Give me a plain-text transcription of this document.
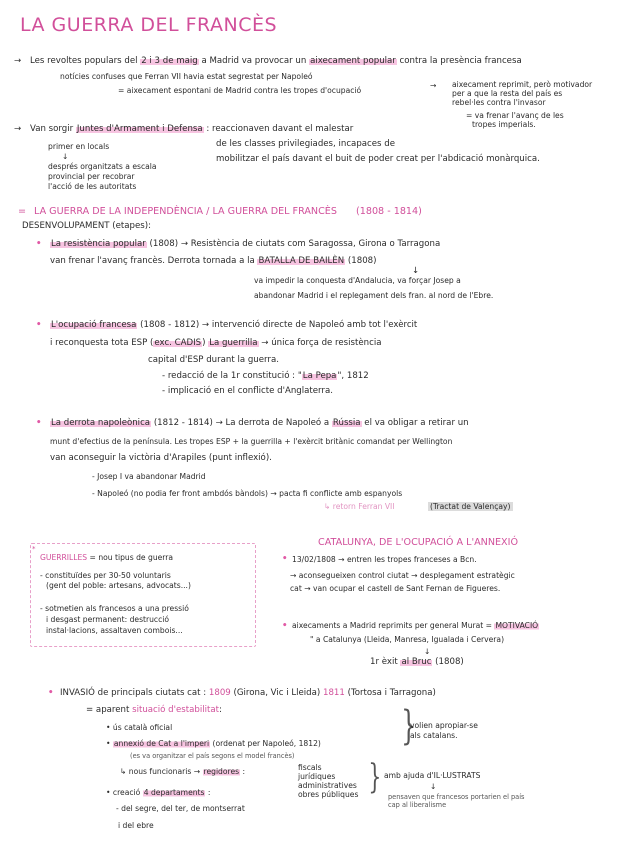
LA GUERRA DEL FRANCÈS
→ Les revoltes populars del 2 i 3 de maig a Madrid va provocar un aixecament popular contra la presència francesa
notícies confuses que Ferran VII havia estat segrestat per Napoleó
= aixecament espontani de Madrid contra les tropes d'ocupació
→ aixecament reprimit, però motivador
per a que la resta del país es
rebel·les contra l'invasor
= va frenar l'avanç de les
tropes imperials.
→ Van sorgir Juntes d'Armament i Defensa : reaccionaven davant el malestar
de les classes privilegiades, incapaces de
mobilitzar el país davant el buit de poder creat per l'abdicació monàrquica.
primer en locals
↓
després organitzats a escala
provincial per recobrar
l'acció de les autoritats
= LA GUERRA DE LA INDEPENDÈNCIA / LA GUERRA DEL FRANCÈS (1808 - 1814)
DESENVOLUPAMENT (etapes):
• La resistència popular (1808) → Resistència de ciutats com Saragossa, Girona o Tarragona
van frenar l'avanç francès. Derrota tornada a la BATALLA DE BAILÈN (1808)
↓
va impedir la conquesta d'Andalucia, va forçar Josep a
abandonar Madrid i el replegament dels fran. al nord de l'Ebre.
• L'ocupació francesa (1808 - 1812) → intervenció directe de Napoleó amb tot l'exèrcit
i reconquesta tota ESP (exc. CADIS) La guerrilla → única força de resistència
capital d'ESP durant la guerra.
- redacció de la 1r constitució : "La Pepa", 1812
- implicació en el conflicte d'Anglaterra.
• La derrota napoleònica (1812 - 1814) → La derrota de Napoleó a Rússia el va obligar a retirar un
munt d'efectius de la península. Les tropes ESP + la guerrilla + l'exèrcit britànic comandat per Wellington
van aconseguir la victòria d'Arapiles (punt inflexió).
- Josep I va abandonar Madrid
- Napoleó (no podia fer front ambdós bàndols) → pacta fi conflicte amb espanyols
↳ retorn Ferran VII	(Tractat de Valençay)
*
GUERRILLES = nou tipus de guerra
- constituïdes per 30-50 voluntaris
(gent del poble: artesans, advocats...)
- sotmetien als francesos a una pressió
i desgast permanent: destrucció
instal·lacions, assaltaven combois...
CATALUNYA, DE L'OCUPACIÓ A L'ANNEXIÓ
• 13/02/1808 → entren les tropes franceses a Bcn.
→ aconsegueixen control ciutat → desplegament estratègic
cat → van ocupar el castell de Sant Fernan de Figueres.
• aixecaments a Madrid reprimits per general Murat = MOTIVACIÓ
" a Catalunya (Lleida, Manresa, Igualada i Cervera)
↓
1r èxit al Bruc (1808)
• INVASIÓ de principals ciutats cat : 1809 (Girona, Vic i Lleida) 1811 (Tortosa i Tarragona)
= aparent situació d'estabilitat:
• ús català oficial
• annexió de Cat a l'imperi (ordenat per Napoleó, 1812)
(es va organitzar el país segons el model francès)
↳ nous funcionaris → regidores :	fiscals
jurídiques
administratives
obres públiques
}
volien apropiar-se
als catalans.
} amb ajuda d'IL·LUSTRATS
↓
pensaven que francesos portarien el país
cap al liberalisme
• creació 4 departaments :
- del segre, del ter, de montserrat
i del ebre
